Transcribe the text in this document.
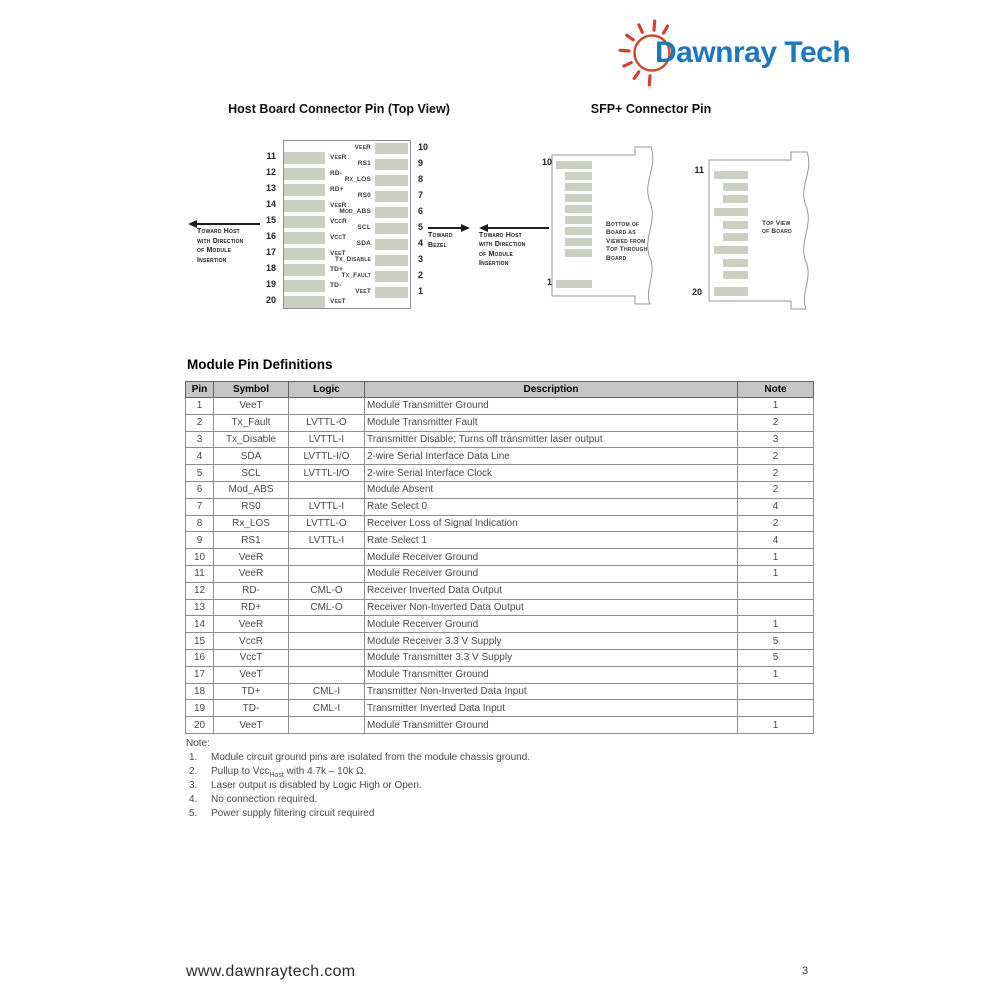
Dawnray Tech
Host Board Connector Pin (Top View)	SFP+ Connector Pin
Module Pin Definitions
Pin	Symbol	Logic	Description	Note
1	VeeT		Module Transmitter Ground	1
2	Tx_Fault	LVTTL-O	Module Transmitter Fault	2
3	Tx_Disable	LVTTL-I	Transmitter Disable; Turns off transmitter laser output	3
4	SDA	LVTTL-I/O	2-wire Serial Interface Data Line	2
5	SCL	LVTTL-I/O	2-wire Serial Interface Clock	2
6	Mod_ABS		Module Absent	2
7	RS0	LVTTL-I	Rate Select 0	4
8	Rx_LOS	LVTTL-O	Receiver Loss of Signal Indication	2
9	RS1	LVTTL-I	Rate Select 1	4
10	VeeR		Module Receiver Ground	1
11	VeeR		Module Receiver Ground	1
12	RD-	CML-O	Receiver Inverted Data Output	
13	RD+	CML-O	Receiver Non-Inverted Data Output	
14	VeeR		Module Receiver Ground	1
15	VccR		Module Receiver 3.3 V Supply	5
16	VccT		Module Transmitter 3.3 V Supply	5
17	VeeT		Module Transmitter Ground	1
18	TD+	CML-I	Transmitter Non-Inverted Data Input	
19	TD-	CML-I	Transmitter Inverted Data Input	
20	VeeT		Module Transmitter Ground	1
Note:
www.dawnraytech.com	3
11	VeeR
12	RD-
13	RD+
14	VeeR
15	VccR
16	VccT
17	VeeT
18	TD+
19	TD-
20	VeeT
10
VeeR
9
RS1
8
Rx_LOS
7
RS0
6
Mod_ABS
5
SCL
4
SDA
3
Tx_Disable
2
Tx_Fault
1
VeeT
Toward Host
with Direction
of Module
Insertion
Toward
Bezel
Toward Host
with Direction
of Module
Insertion
10
1
Bottom of
Board as
Viewed from
Top Through
Board
11
20
Top View
of Board
1.	Module circuit ground pins are isolated from the module chassis ground.
2.	Pullup to Vcc$_{Host}$ with 4.7k – 10k Ω.
3.	Laser output is disabled by Logic High or Open.
4.	No connection required.
5.	Power supply filtering circuit required
